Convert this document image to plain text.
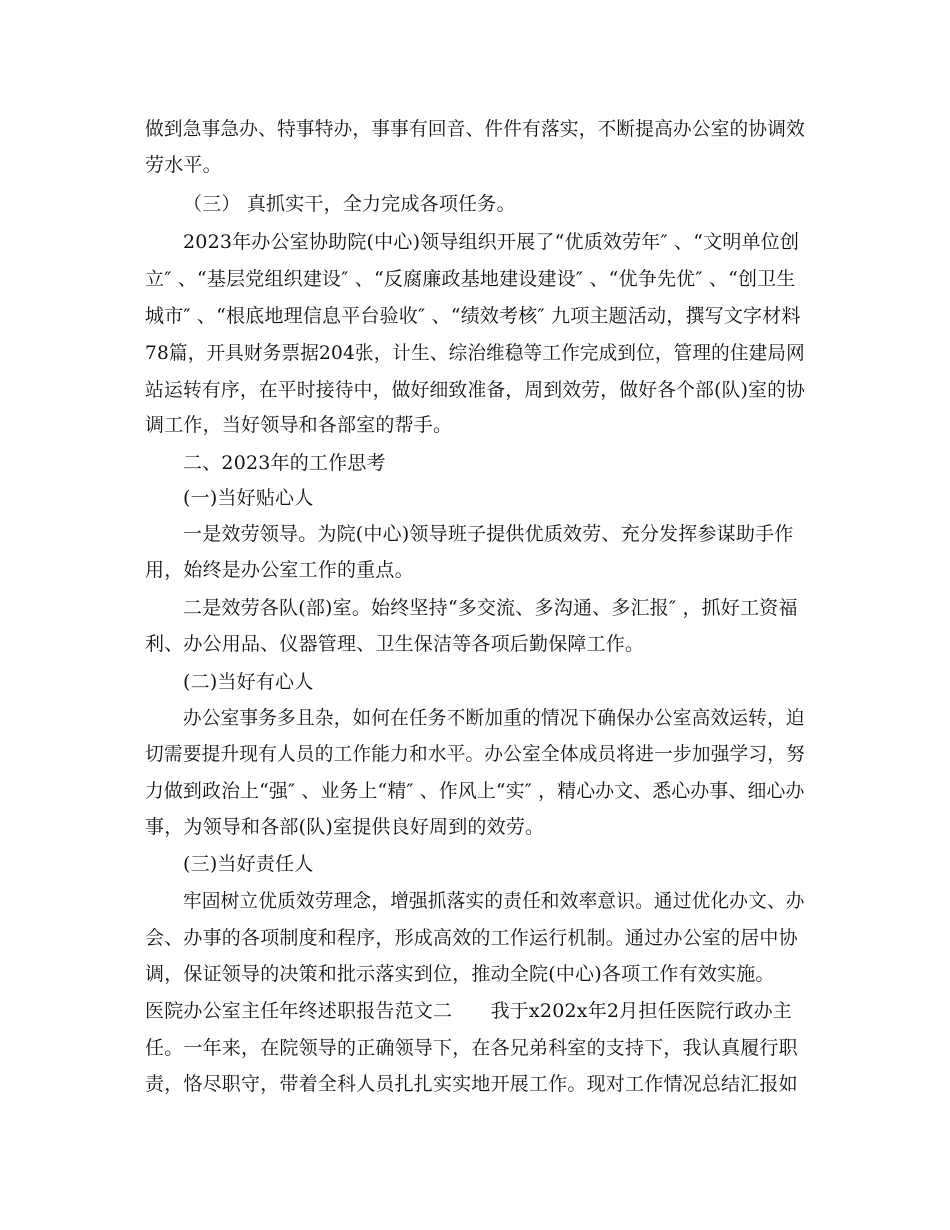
做到急事急办、特事特办，事事有回音、件件有落实，不断提高办公室的协调效
劳水平。
（三） 真抓实干，全力完成各项任务。
2023年办公室协助院(中心)领导组织开展了“优质效劳年″ 、“文明单位创
立″ 、“基层党组织建设″ 、“反腐廉政基地建设建设″ 、“优争先优″ 、“创卫生
城市″ 、“根底地理信息平台验收″ 、“绩效考核″ 九项主题活动，撰写文字材料
78篇，开具财务票据204张，计生、综治维稳等工作完成到位，管理的住建局网
站运转有序，在平时接待中，做好细致准备，周到效劳，做好各个部(队)室的协
调工作，当好领导和各部室的帮手。
二、2023年的工作思考
(一)当好贴心人
一是效劳领导。为院(中心)领导班子提供优质效劳、充分发挥参谋助手作
用，始终是办公室工作的重点。
二是效劳各队(部)室。始终坚持“多交流、多沟通、多汇报″ ，抓好工资福
利、办公用品、仪器管理、卫生保洁等各项后勤保障工作。
(二)当好有心人
办公室事务多且杂，如何在任务不断加重的情况下确保办公室高效运转，迫
切需要提升现有人员的工作能力和水平。办公室全体成员将进一步加强学习，努
力做到政治上“强″ 、业务上“精″ 、作风上“实″ ，精心办文、悉心办事、细心办
事，为领导和各部(队)室提供良好周到的效劳。
(三)当好责任人
牢固树立优质效劳理念，增强抓落实的责任和效率意识。通过优化办文、办
会、办事的各项制度和程序，形成高效的工作运行机制。通过办公室的居中协
调，保证领导的决策和批示落实到位，推动全院(中心)各项工作有效实施。
医院办公室主任年终述职报告范文二　　我于x202x年2月担任医院行政办主
任。一年来，在院领导的正确领导下，在各兄弟科室的支持下，我认真履行职
责，恪尽职守，带着全科人员扎扎实实地开展工作。现对工作情况总结汇报如
